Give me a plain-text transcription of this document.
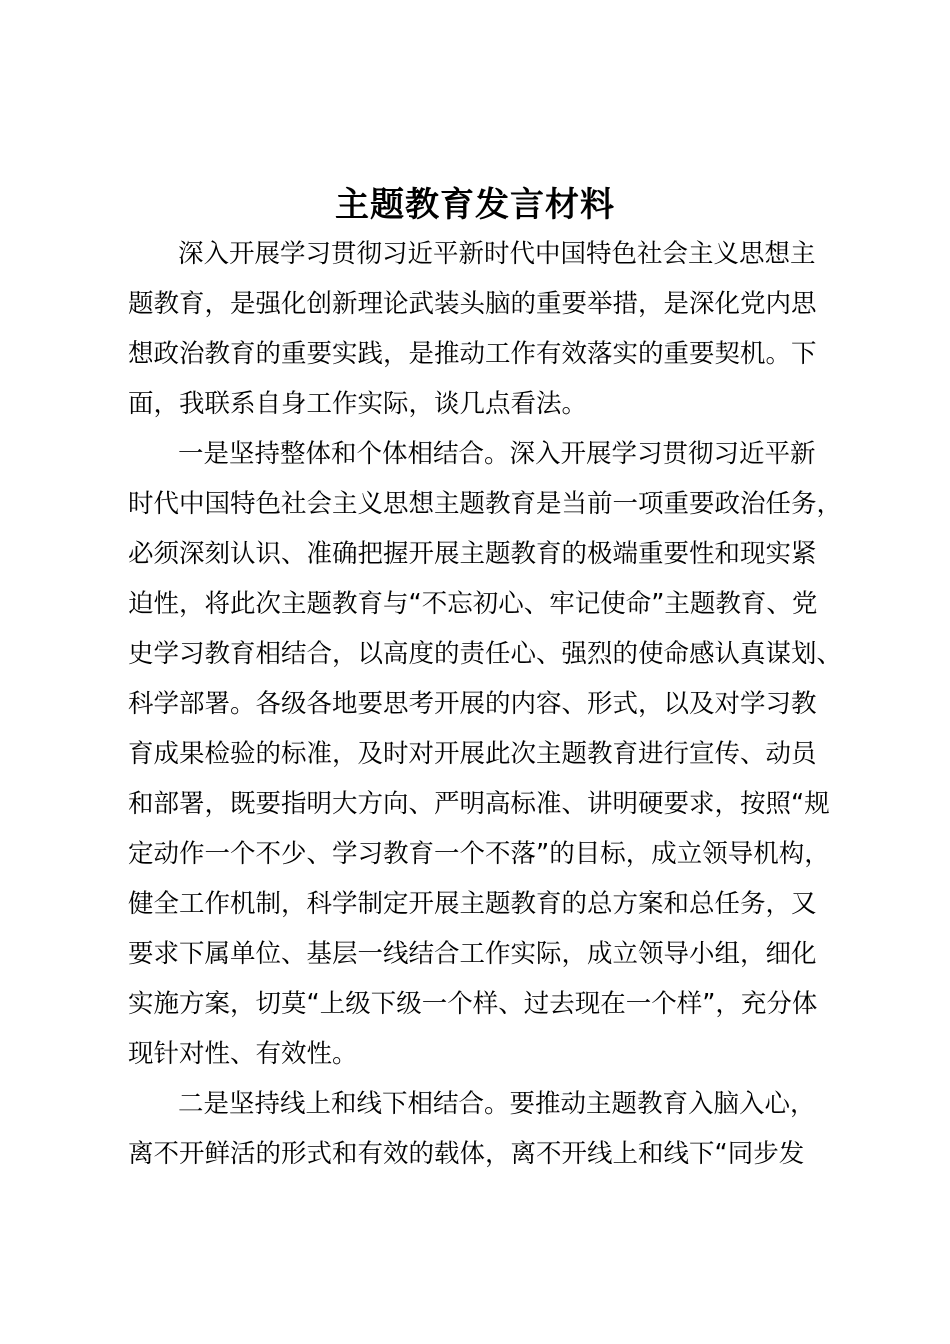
主题教育发言材料

深入开展学习贯彻习近平新时代中国特色社会主义思想主

题教育，是强化创新理论武装头脑的重要举措，是深化党内思

想政治教育的重要实践，是推动工作有效落实的重要契机。下

面，我联系自身工作实际，谈几点看法。

一是坚持整体和个体相结合。深入开展学习贯彻习近平新

时代中国特色社会主义思想主题教育是当前一项重要政治任务，

必须深刻认识、准确把握开展主题教育的极端重要性和现实紧

迫性，将此次主题教育与“不忘初心、牢记使命”主题教育、党

史学习教育相结合，以高度的责任心、强烈的使命感认真谋划、

科学部署。各级各地要思考开展的内容、形式，以及对学习教

育成果检验的标准，及时对开展此次主题教育进行宣传、动员

和部署，既要指明大方向、严明高标准、讲明硬要求，按照“规

定动作一个不少、学习教育一个不落”的目标，成立领导机构，

健全工作机制，科学制定开展主题教育的总方案和总任务，又

要求下属单位、基层一线结合工作实际，成立领导小组，细化

实施方案，切莫“上级下级一个样、过去现在一个样”，充分体

现针对性、有效性。

二是坚持线上和线下相结合。要推动主题教育入脑入心，

离不开鲜活的形式和有效的载体，离不开线上和线下“同步发
